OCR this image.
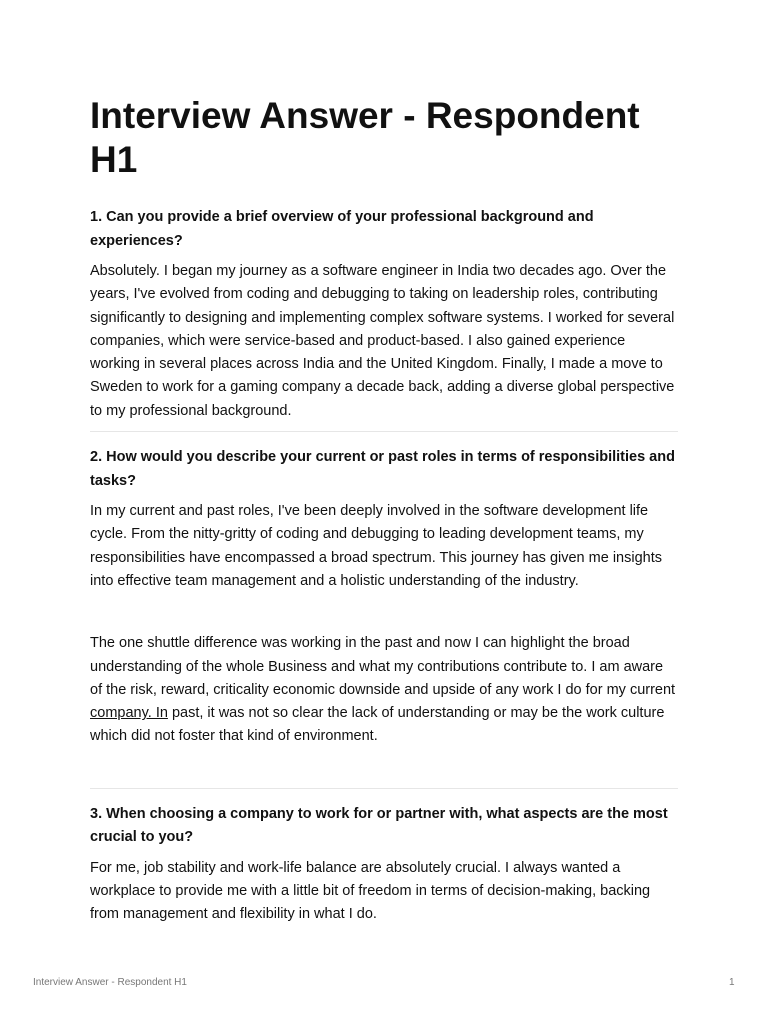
Interview Answer - Respondent H1

1. Can you provide a brief overview of your professional background and experiences?

Absolutely. I began my journey as a software engineer in India two decades ago. Over the years, I've evolved from coding and debugging to taking on leadership roles, contributing significantly to designing and implementing complex software systems. I worked for several companies, which were service-based and product-based. I also gained experience working in several places across India and the United Kingdom. Finally, I made a move to Sweden to work for a gaming company a decade back, adding a diverse global perspective to my professional background.

2. How would you describe your current or past roles in terms of responsibilities and tasks?

In my current and past roles, I've been deeply involved in the software development life cycle. From the nitty-gritty of coding and debugging to leading development teams, my responsibilities have encompassed a broad spectrum. This journey has given me insights into effective team management and a holistic understanding of the industry.

The one shuttle difference was working in the past and now I can highlight the broad understanding of the whole Business and what my contributions contribute to. I am aware of the risk, reward, criticality economic downside and upside of any work I do for my current company. In past, it was not so clear the lack of understanding or may be the work culture which did not foster that kind of environment.

3. When choosing a company to work for or partner with, what aspects are the most crucial to you?

For me, job stability and work-life balance are absolutely crucial. I always wanted a workplace to provide me with a little bit of freedom in terms of decision-making, backing from management and flexibility in what I do.

Interview Answer - Respondent H1	1
